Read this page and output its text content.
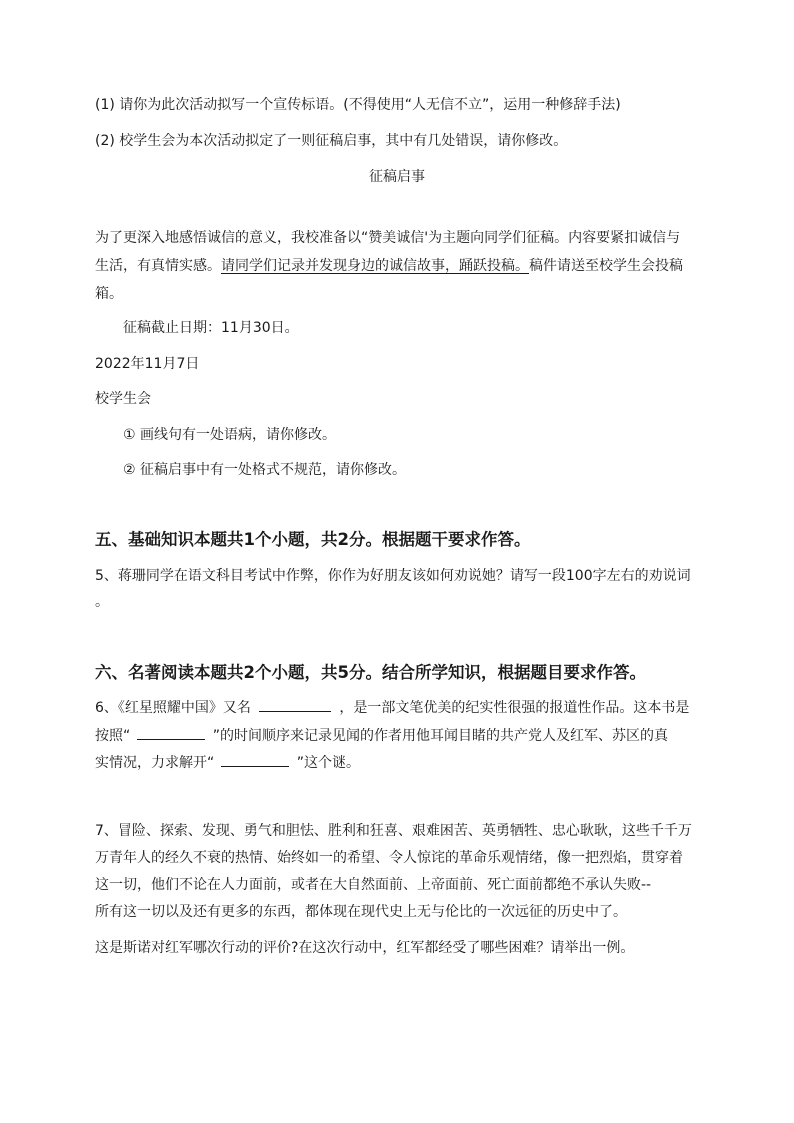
(1) 请你为此次活动拟写一个宣传标语。(不得使用“人无信不立”，运用一种修辞手法)
(2) 校学生会为本次活动拟定了一则征稿启事，其中有几处错误，请你修改。
征稿启事
为了更深入地感悟诚信的意义，我校准备以“赞美诚信'为主题向同学们征稿。内容要紧扣诚信与
生活，有真情实感。请同学们记录并发现身边的诚信故事，踊跃投稿。稿件请送至校学生会投稿
箱。
征稿截止日期：11月30日。
2022年11月7日
校学生会
① 画线句有一处语病，请你修改。
② 征稿启事中有一处格式不规范，请你修改。
五、基础知识本题共1个小题，共2分。根据题干要求作答。
5、蒋珊同学在语文科目考试中作弊，你作为好朋友该如何劝说她？请写一段100字左右的劝说词
。
六、名著阅读本题共2个小题，共5分。结合所学知识，根据题目要求作答。
6、《红星照耀中国》又名	，是一部文笔优美的纪实性很强的报道性作品。这本书是
按照“	”的时间顺序来记录见闻的作者用他耳闻目睹的共产党人及红军、苏区的真
实情况，力求解开“	”这个谜。
7、冒险、探索、发现、勇气和胆怯、胜利和狂喜、艰难困苦、英勇牺牲、忠心耿耿，这些千千万
万青年人的经久不衰的热情、始终如一的希望、令人惊诧的革命乐观情绪，像一把烈焰，贯穿着
这一切，他们不论在人力面前，或者在大自然面前、上帝面前、死亡面前都绝不承认失败--
所有这一切以及还有更多的东西，都体现在现代史上无与伦比的一次远征的历史中了。
这是斯诺对红军哪次行动的评价?在这次行动中，红军都经受了哪些困难？请举出一例。
